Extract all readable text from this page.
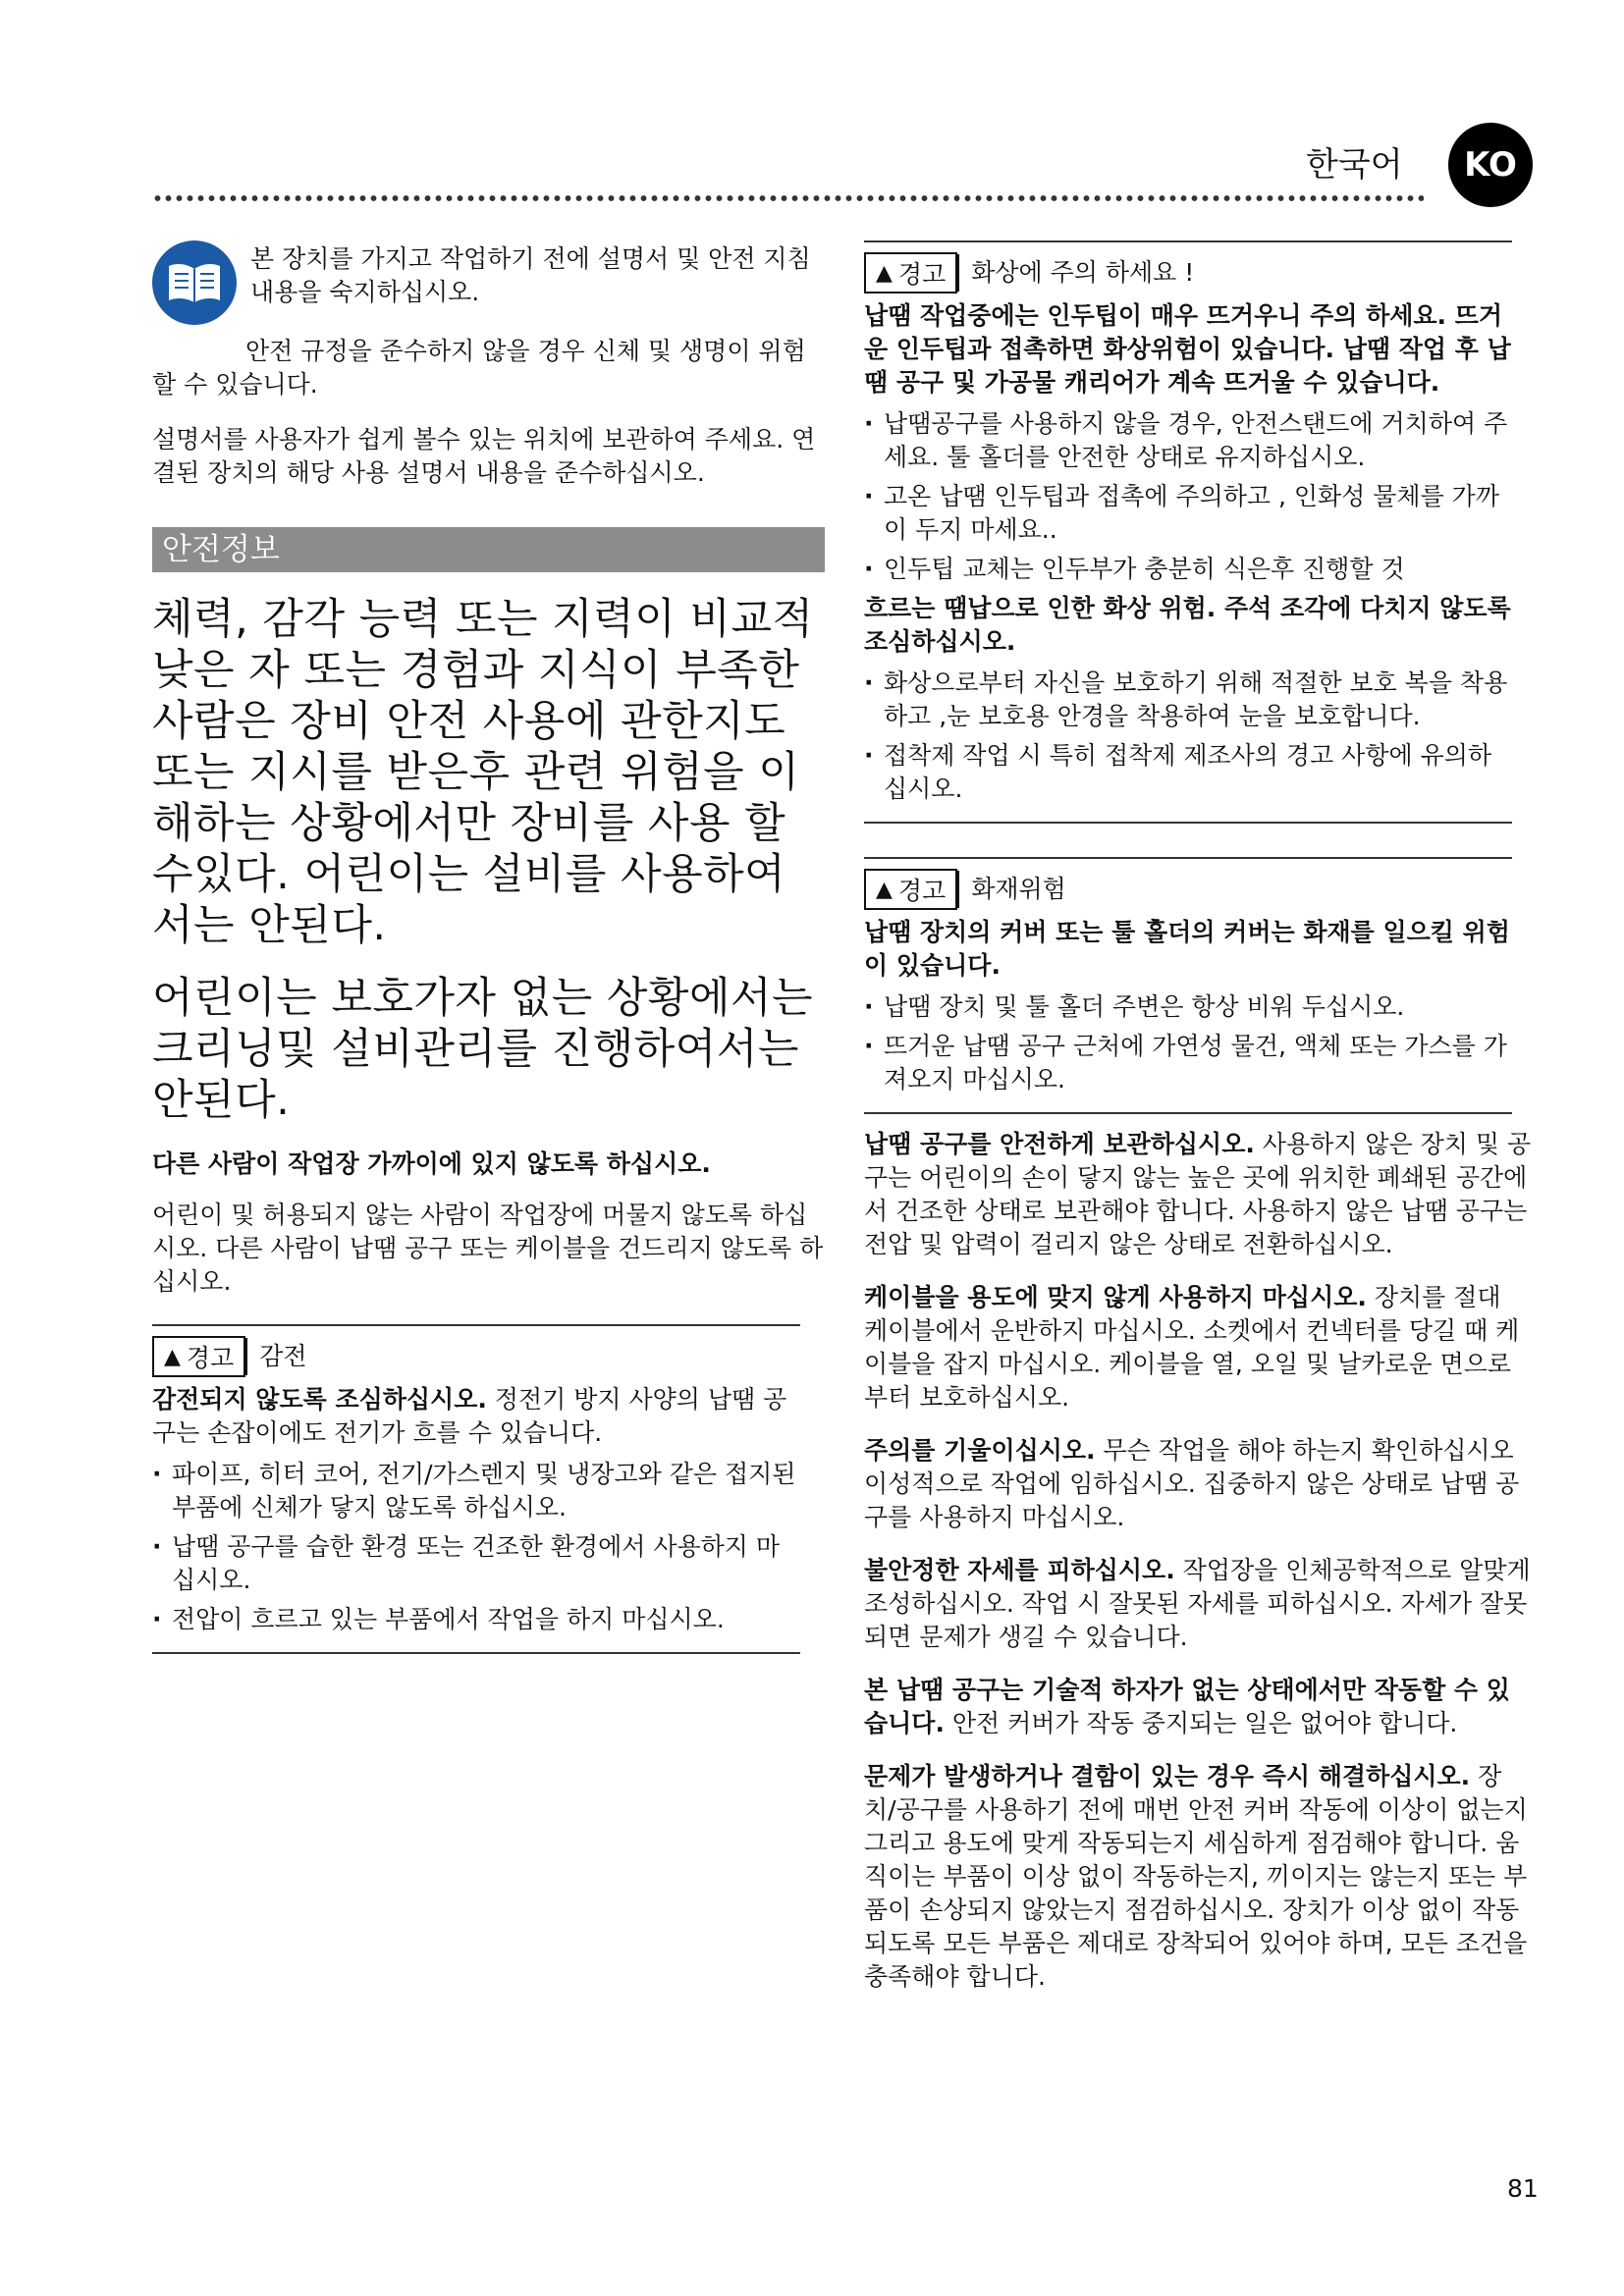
한국어	KO

본 장치를 가지고 작업하기 전에 설명서 및 안전 지침 내용을 숙지하십시오.

안전 규정을 준수하지 않을 경우 신체 및 생명이 위험할 수 있습니다.

설명서를 사용자가 쉽게 볼수 있는 위치에 보관하여 주세요. 연결된 장치의 해당 사용 설명서 내용을 준수하십시오.

안전정보

체력, 감각 능력 또는 지력이 비교적 낮은 자 또는 경험과 지식이 부족한 사람은 장비 안전 사용에 관한지도 또는 지시를 받은후 관련 위험을 이해하는 상황에서만 장비를 사용 할 수있다. 어린이는 설비를 사용하여서는 안된다.

어린이는 보호가자 없는 상황에서는 크리닝및 설비관리를 진행하여서는 안된다.

다른 사람이 작업장 가까이에 있지 않도록 하십시오.

어린이 및 허용되지 않는 사람이 작업장에 머물지 않도록 하십시오. 다른 사람이 납땜 공구 또는 케이블을 건드리지 않도록 하십시오.

▲ 경고	감전

감전되지 않도록 조심하십시오. 정전기 방지 사양의 납땜 공구는 손잡이에도 전기가 흐를 수 있습니다.

· 파이프, 히터 코어, 전기/가스렌지 및 냉장고와 같은 접지된 부품에 신체가 닿지 않도록 하십시오.
· 납땜 공구를 습한 환경 또는 건조한 환경에서 사용하지 마십시오.
· 전압이 흐르고 있는 부품에서 작업을 하지 마십시오.
▲ 경고	화상에 주의 하세요 !

납땜 작업중에는 인두팁이 매우 뜨거우니 주의 하세요. 뜨거운 인두팁과 접촉하면 화상위험이 있습니다. 납땜 작업 후 납땜 공구 및 가공물 캐리어가 계속 뜨거울 수 있습니다.

· 납땜공구를 사용하지 않을 경우, 안전스탠드에 거치하여 주세요. 툴 홀더를 안전한 상태로 유지하십시오.
· 고온 납땜 인두팁과 접촉에 주의하고 , 인화성 물체를 가까이 두지 마세요..
· 인두팁 교체는 인두부가 충분히 식은후 진행할 것

흐르는 땜납으로 인한 화상 위험. 주석 조각에 다치지 않도록 조심하십시오.

· 화상으로부터 자신을 보호하기 위해 적절한 보호 복을 착용 하고 ,눈 보호용 안경을 착용하여 눈을 보호합니다.
· 접착제 작업 시 특히 접착제 제조사의 경고 사항에 유의하십시오.
▲ 경고	화재위험

납땜 장치의 커버 또는 툴 홀더의 커버는 화재를 일으킬 위험이 있습니다.

· 납땜 장치 및 툴 홀더 주변은 항상 비워 두십시오.
· 뜨거운 납땜 공구 근처에 가연성 물건, 액체 또는 가스를 가져오지 마십시오.

납땜 공구를 안전하게 보관하십시오. 사용하지 않은 장치 및 공구는 어린이의 손이 닿지 않는 높은 곳에 위치한 폐쇄된 공간에서 건조한 상태로 보관해야 합니다. 사용하지 않은 납땜 공구는 전압 및 압력이 걸리지 않은 상태로 전환하십시오.

케이블을 용도에 맞지 않게 사용하지 마십시오. 장치를 절대 케이블에서 운반하지 마십시오. 소켓에서 컨넥터를 당길 때 케이블을 잡지 마십시오. 케이블을 열, 오일 및 날카로운 면으로부터 보호하십시오.

주의를 기울이십시오. 무슨 작업을 해야 하는지 확인하십시오 이성적으로 작업에 임하십시오. 집중하지 않은 상태로 납땜 공구를 사용하지 마십시오.

불안정한 자세를 피하십시오. 작업장을 인체공학적으로 알맞게 조성하십시오. 작업 시 잘못된 자세를 피하십시오. 자세가 잘못되면 문제가 생길 수 있습니다.

본 납땜 공구는 기술적 하자가 없는 상태에서만 작동할 수 있습니다. 안전 커버가 작동 중지되는 일은 없어야 합니다.

문제가 발생하거나 결함이 있는 경우 즉시 해결하십시오. 장치/공구를 사용하기 전에 매번 안전 커버 작동에 이상이 없는지 그리고 용도에 맞게 작동되는지 세심하게 점검해야 합니다. 움직이는 부품이 이상 없이 작동하는지, 끼이지는 않는지 또는 부품이 손상되지 않았는지 점검하십시오. 장치가 이상 없이 작동되도록 모든 부품은 제대로 장착되어 있어야 하며, 모든 조건을 충족해야 합니다.

81
